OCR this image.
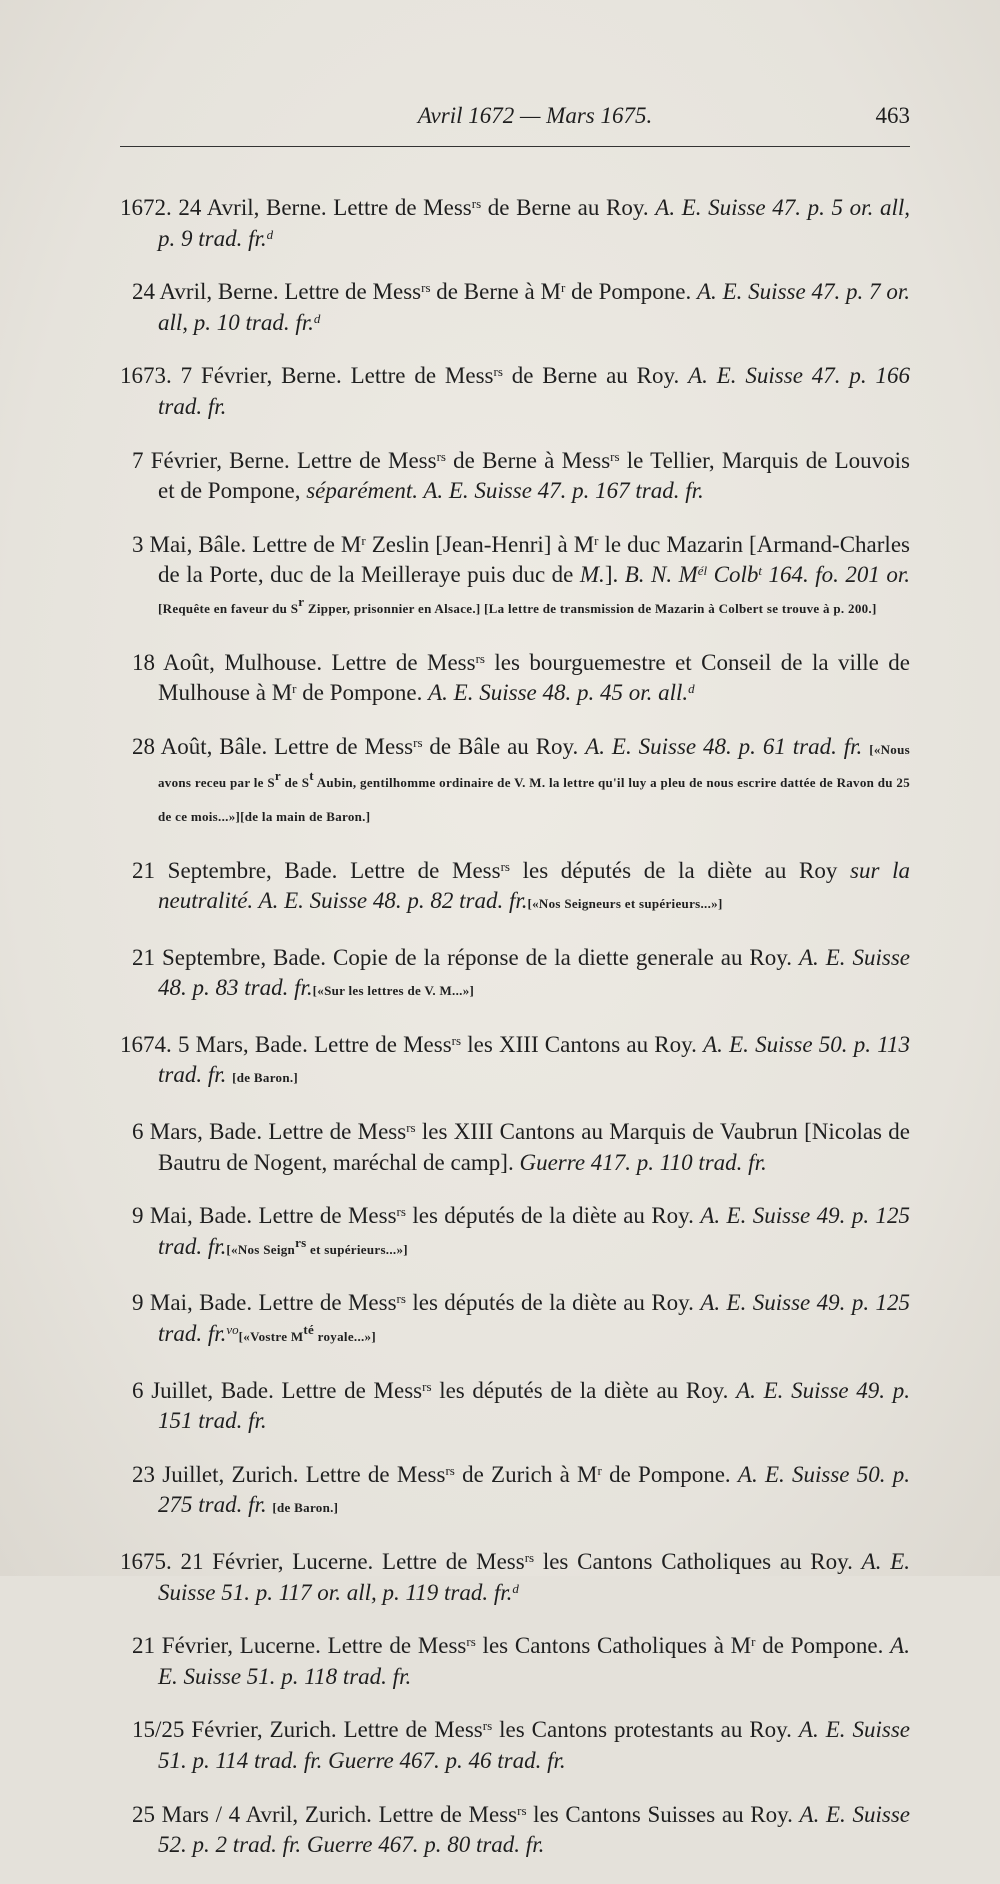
Avril 1672 — Mars 1675.	463

1672. 24 Avril, Berne. Lettre de Mess$^{rs}$ de Berne au Roy. A. E. Suisse 47. p. 5 or. all, p. 9 trad. fr.$^d$

24 Avril, Berne. Lettre de Mess$^{rs}$ de Berne à $M^r$ de Pompone. A. E. Suisse 47. p. 7 or. all, p. 10 trad. fr.$^d$

1673. 7 Février, Berne. Lettre de Mess$^{rs}$ de Berne au Roy. A. E. Suisse 47. p. 166 trad. fr.

7 Février, Berne. Lettre de Mess$^{rs}$ de Berne à Mess$^{rs}$ le Tellier, Marquis de Louvois et de Pompone, séparément. A. E. Suisse 47. p. 167 trad. fr.

3 Mai, Bâle. Lettre de $M^r$ Zeslin [Jean-Henri] à $M^r$ le duc Mazarin [Armand-Charles de la Porte, duc de la Meilleraye puis duc de M.]. B. N. M$^{él}$ Colb$^t$ 164. fo. 201 or. [Requête en faveur du S$^r$ Zipper, prisonnier en Alsace.] [La lettre de transmission de Mazarin à Colbert se trouve à p. 200.]

18 Août, Mulhouse. Lettre de Mess$^{rs}$ les bourguemestre et Conseil de la ville de Mulhouse à $M^r$ de Pompone. A. E. Suisse 48. p. 45 or. all.$^d$

28 Août, Bâle. Lettre de Mess$^{rs}$ de Bâle au Roy. A. E. Suisse 48. p. 61 trad. fr. [«Nous avons receu par le S$^r$ de S$^t$ Aubin, gentilhomme ordinaire de V. M. la lettre qu'il luy a pleu de nous escrire dattée de Ravon du 25 de ce mois...»][de la main de Baron.]

21 Septembre, Bade. Lettre de Mess$^{rs}$ les députés de la diète au Roy sur la neutralité. A. E. Suisse 48. p. 82 trad. fr.[«Nos Seigneurs et supérieurs...»]

21 Septembre, Bade. Copie de la réponse de la diette generale au Roy. A. E. Suisse 48. p. 83 trad. fr.[«Sur les lettres de V. M...»]

1674. 5 Mars, Bade. Lettre de Mess$^{rs}$ les XIII Cantons au Roy. A. E. Suisse 50. p. 113 trad. fr. [de Baron.]

6 Mars, Bade. Lettre de Mess$^{rs}$ les XIII Cantons au Marquis de Vaubrun [Nicolas de Bautru de Nogent, maréchal de camp]. Guerre 417. p. 110 trad. fr.

9 Mai, Bade. Lettre de Mess$^{rs}$ les députés de la diète au Roy. A. E. Suisse 49. p. 125 trad. fr.[«Nos Seign$^{rs}$ et supérieurs...»]

9 Mai, Bade. Lettre de Mess$^{rs}$ les députés de la diète au Roy. A. E. Suisse 49. p. 125 trad. fr.$^{vo}$[«Vostre M$^{té}$ royale...»]

6 Juillet, Bade. Lettre de Mess$^{rs}$ les députés de la diète au Roy. A. E. Suisse 49. p. 151 trad. fr.

23 Juillet, Zurich. Lettre de Mess$^{rs}$ de Zurich à $M^r$ de Pompone. A. E. Suisse 50. p. 275 trad. fr. [de Baron.]

1675. 21 Février, Lucerne. Lettre de Mess$^{rs}$ les Cantons Catholiques au Roy. A. E. Suisse 51. p. 117 or. all, p. 119 trad. fr.$^d$

21 Février, Lucerne. Lettre de Mess$^{rs}$ les Cantons Catholiques à $M^r$ de Pompone. A. E. Suisse 51. p. 118 trad. fr.

15/25 Février, Zurich. Lettre de Mess$^{rs}$ les Cantons protestants au Roy. A. E. Suisse 51. p. 114 trad. fr. Guerre 467. p. 46 trad. fr.

25 Mars / 4 Avril, Zurich. Lettre de Mess$^{rs}$ les Cantons Suisses au Roy. A. E. Suisse 52. p. 2 trad. fr. Guerre 467. p. 80 trad. fr.
